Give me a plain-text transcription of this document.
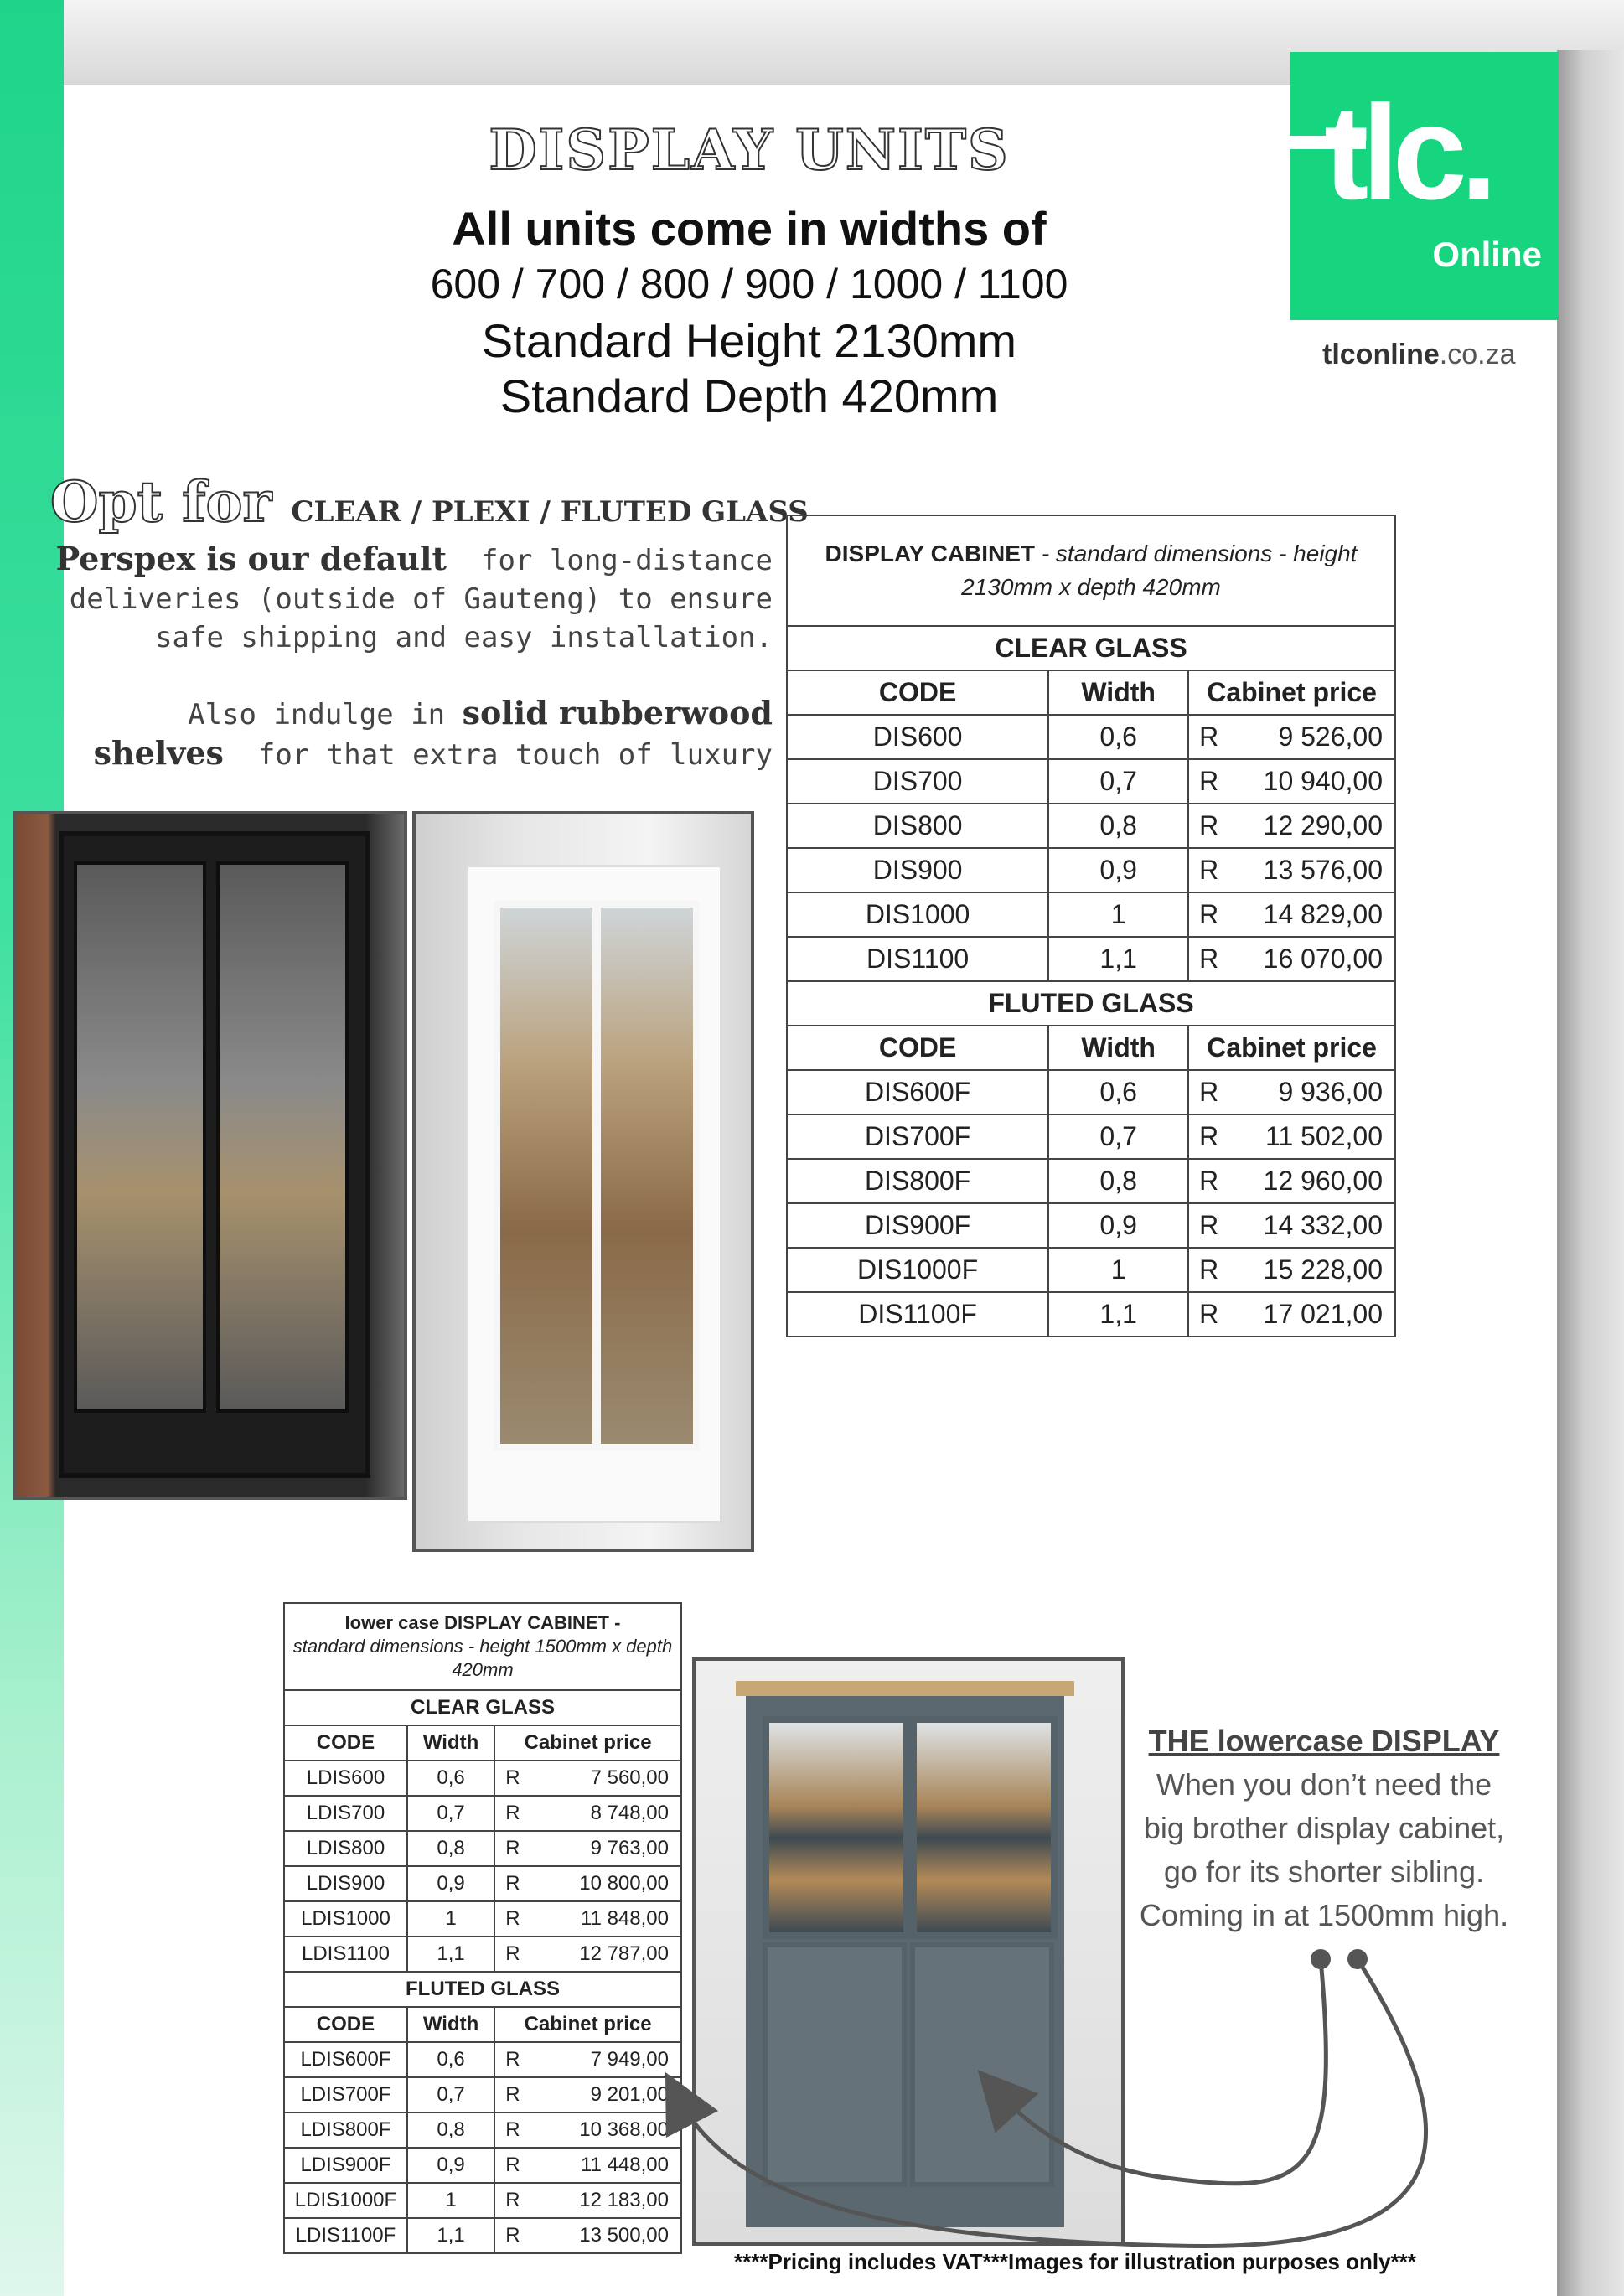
DISPLAY UNITS
All units come in widths of
600 / 700 / 800 / 900 / 1000 / 1100
Standard Height 2130mm
Standard Depth 420mm
tlc.
Online
tlconline.co.za
Opt for CLEAR / PLEXI / FLUTED GLASS
Perspex is our default for long-distance deliveries (outside of Gauteng) to ensure safe shipping and easy installation.
Also indulge in solid rubberwood
shelves for that extra touch of luxury
DISPLAY CABINET - standard dimensions - height 2130mm x depth 420mm			
CLEAR GLASS			
CODE	Width	Cabinet price	
DIS600	0,6	R	9 526,00
DIS700	0,7	R	10 940,00
DIS800	0,8	R	12 290,00
DIS900	0,9	R	13 576,00
DIS1000	1	R	14 829,00
DIS1100	1,1	R	16 070,00
FLUTED GLASS			
CODE	Width	Cabinet price	
DIS600F	0,6	R	9 936,00
DIS700F	0,7	R	11 502,00
DIS800F	0,8	R	12 960,00
DIS900F	0,9	R	14 332,00
DIS1000F	1	R	15 228,00
DIS1100F	1,1	R	17 021,00
lower case DISPLAY CABINET -
standard dimensions - height 1500mm x depth 420mm			
CLEAR GLASS			
CODE	Width	Cabinet price	
LDIS600	0,6	R	7 560,00
LDIS700	0,7	R	8 748,00
LDIS800	0,8	R	9 763,00
LDIS900	0,9	R	10 800,00
LDIS1000	1	R	11 848,00
LDIS1100	1,1	R	12 787,00
FLUTED GLASS			
CODE	Width	Cabinet price	
LDIS600F	0,6	R	7 949,00
LDIS700F	0,7	R	9 201,00
LDIS800F	0,8	R	10 368,00
LDIS900F	0,9	R	11 448,00
LDIS1000F	1	R	12 183,00
LDIS1100F	1,1	R	13 500,00
THE lowercase DISPLAY
When you don’t need the
big brother display cabinet,
go for its shorter sibling.
Coming in at 1500mm high.
****Pricing includes VAT***Images for illustration purposes only***
